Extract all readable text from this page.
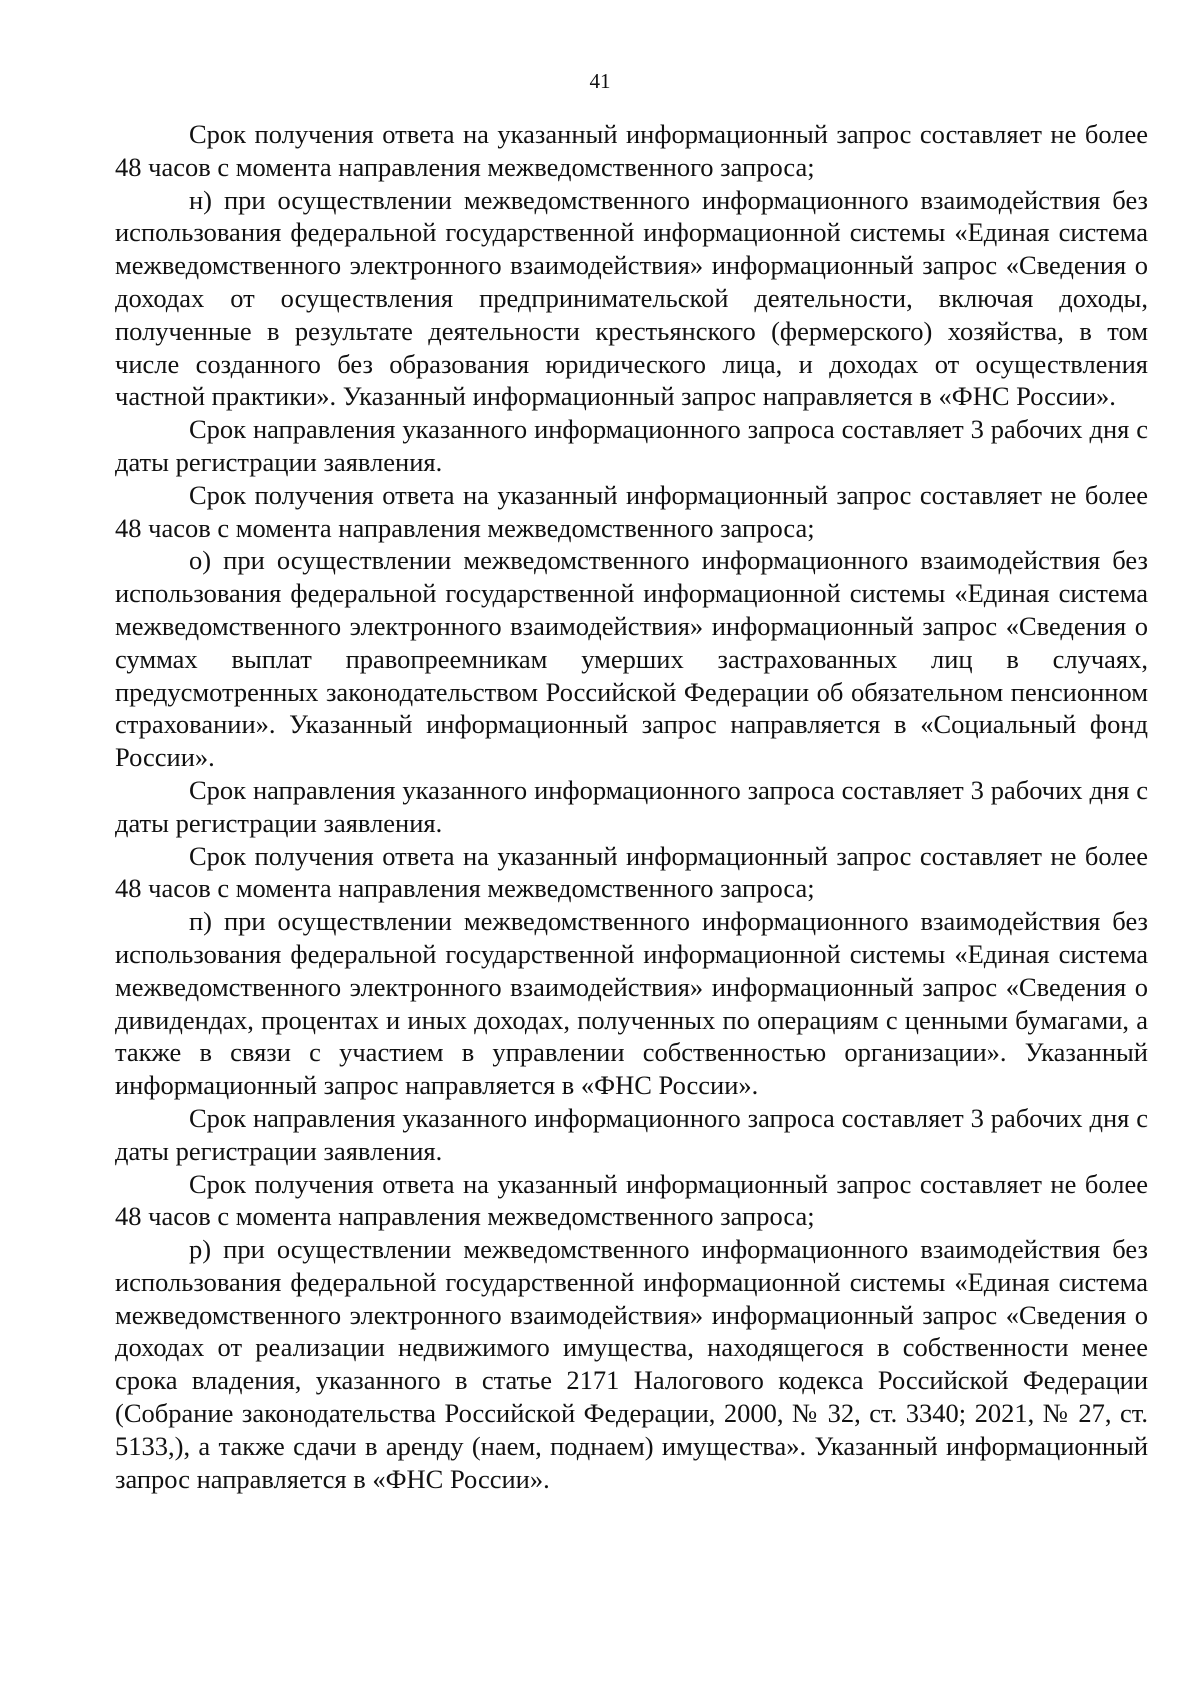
41

Срок получения ответа на указанный информационный запрос составляет не более 48 часов с момента направления межведомственного запроса;

н) при осуществлении межведомственного информационного взаимодействия без использования федеральной государственной информационной системы «Единая система межведомственного электронного взаимодействия» информационный запрос «Сведения о доходах от осуществления предпринимательской деятельности, включая доходы, полученные в результате деятельности крестьянского (фермерского) хозяйства, в том числе созданного без образования юридического лица, и доходах от осуществления частной практики». Указанный информационный запрос направляется в «ФНС России».

Срок направления указанного информационного запроса составляет 3 рабочих дня с даты регистрации заявления.

Срок получения ответа на указанный информационный запрос составляет не более 48 часов с момента направления межведомственного запроса;

о) при осуществлении межведомственного информационного взаимодействия без использования федеральной государственной информационной системы «Единая система межведомственного электронного взаимодействия» информационный запрос «Сведения о суммах выплат правопреемникам умерших застрахованных лиц в случаях, предусмотренных законодательством Российской Федерации об обязательном пенсионном страховании». Указанный информационный запрос направляется в «Социальный фонд России».

Срок направления указанного информационного запроса составляет 3 рабочих дня с даты регистрации заявления.

Срок получения ответа на указанный информационный запрос составляет не более 48 часов с момента направления межведомственного запроса;

п) при осуществлении межведомственного информационного взаимодействия без использования федеральной государственной информационной системы «Единая система межведомственного электронного взаимодействия» информационный запрос «Сведения о дивидендах, процентах и иных доходах, полученных по операциям с ценными бумагами, а также в связи с участием в управлении собственностью организации». Указанный информационный запрос направляется в «ФНС России».

Срок направления указанного информационного запроса составляет 3 рабочих дня с даты регистрации заявления.

Срок получения ответа на указанный информационный запрос составляет не более 48 часов с момента направления межведомственного запроса;

р) при осуществлении межведомственного информационного взаимодействия без использования федеральной государственной информационной системы «Единая система межведомственного электронного взаимодействия» информационный запрос «Сведения о доходах от реализации недвижимого имущества, находящегося в собственности менее срока владения, указанного в статье 2171 Налогового кодекса Российской Федерации (Собрание законодательства Российской Федерации, 2000, № 32, ст. 3340; 2021, № 27, ст. 5133,), а также сдачи в аренду (наем, поднаем) имущества». Указанный информационный запрос направляется в «ФНС России».
